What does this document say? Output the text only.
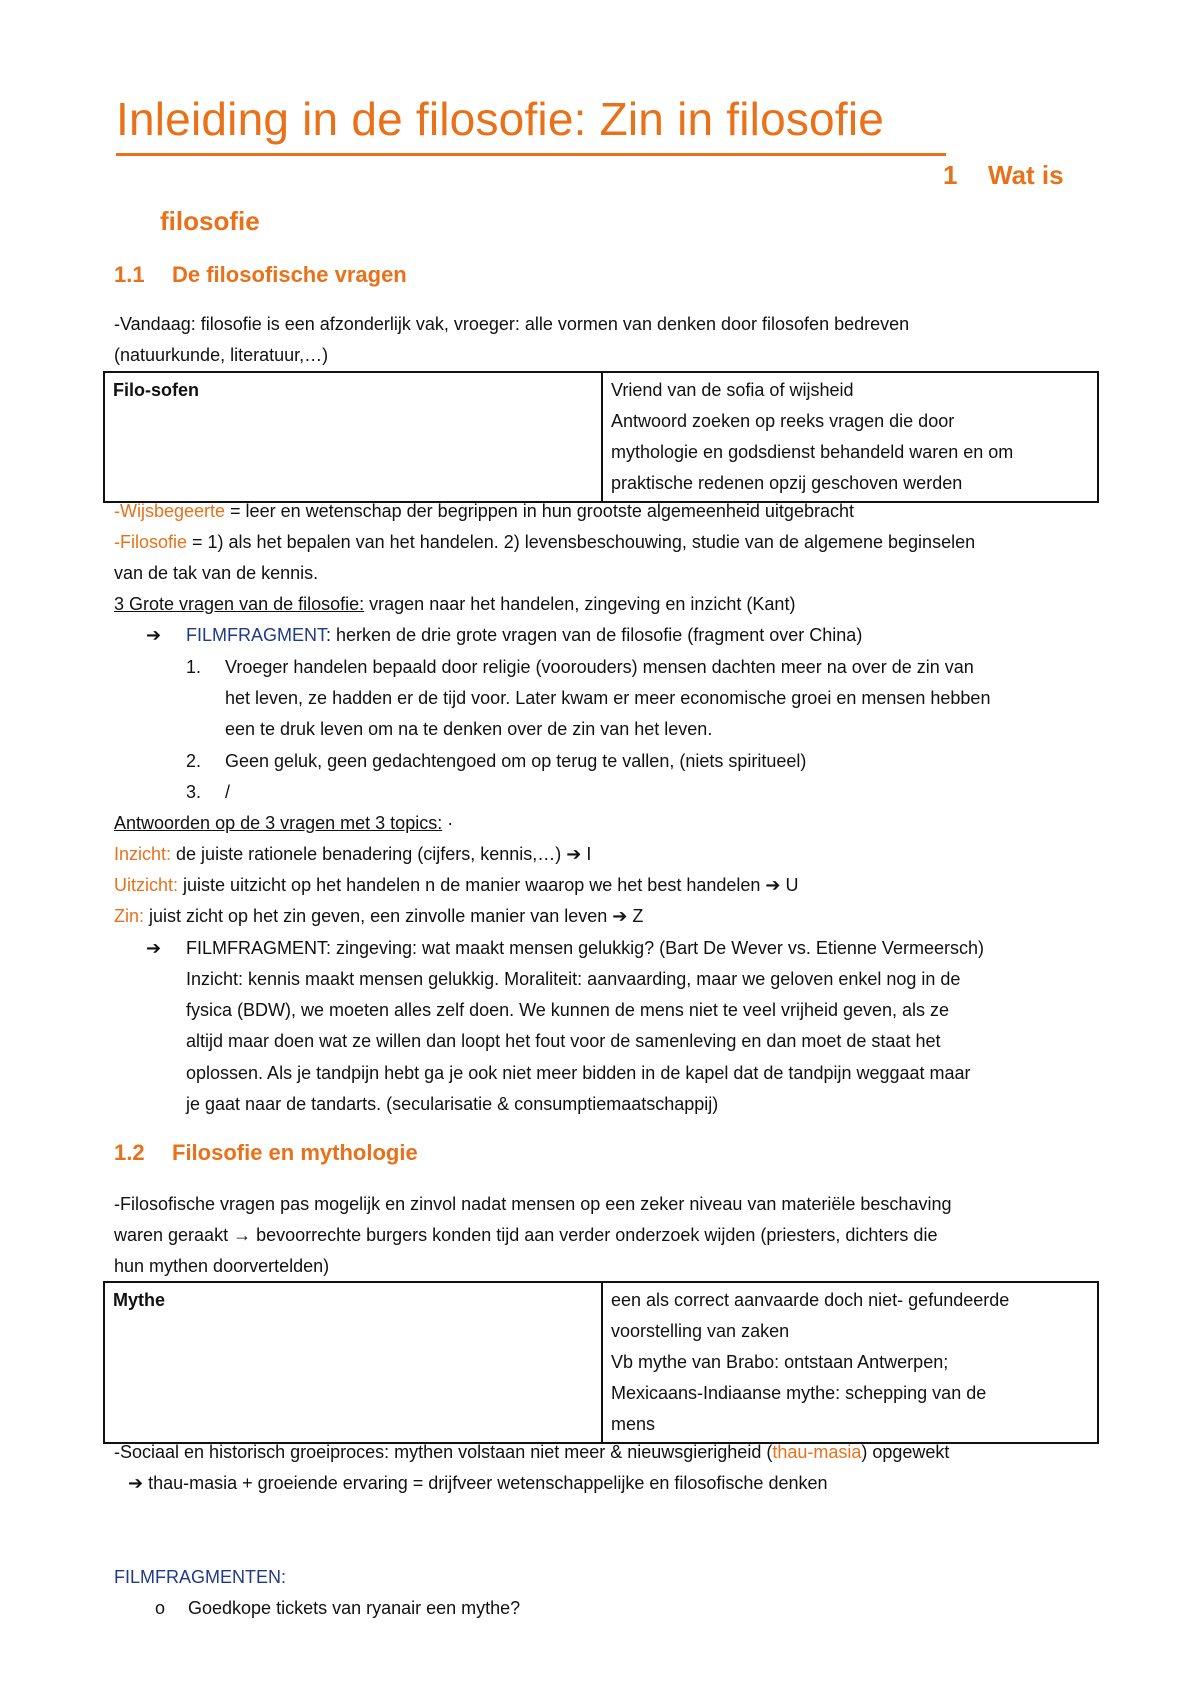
Inleiding in de filosofie: Zin in filosofie
1 Wat is
filosofie
1.1 De filosofische vragen
-Vandaag: filosofie is een afzonderlijk vak, vroeger: alle vormen van denken door filosofen bedreven
(natuurkunde, literatuur,…)
Filo-sofen	Vriend van de sofia of wijsheid
Antwoord zoeken op reeks vragen die door
mythologie en godsdienst behandeld waren en om
praktische redenen opzij geschoven werden
-Wijsbegeerte = leer en wetenschap der begrippen in hun grootste algemeenheid uitgebracht
-Filosofie = 1) als het bepalen van het handelen. 2) levensbeschouwing, studie van de algemene beginselen
van de tak van de kennis.
3 Grote vragen van de filosofie: vragen naar het handelen, zingeving en inzicht (Kant)
➔ FILMFRAGMENT: herken de drie grote vragen van de filosofie (fragment over China)
1. Vroeger handelen bepaald door religie (voorouders) mensen dachten meer na over de zin van
het leven, ze hadden er de tijd voor. Later kwam er meer economische groei en mensen hebben
een te druk leven om na te denken over de zin van het leven.
2. Geen geluk, geen gedachtengoed om op terug te vallen, (niets spiritueel)
3. /
Antwoorden op de 3 vragen met 3 topics: ·
Inzicht: de juiste rationele benadering (cijfers, kennis,…) ➔ I
Uitzicht: juiste uitzicht op het handelen n de manier waarop we het best handelen ➔ U
Zin: juist zicht op het zin geven, een zinvolle manier van leven ➔ Z
➔ FILMFRAGMENT: zingeving: wat maakt mensen gelukkig? (Bart De Wever vs. Etienne Vermeersch)
Inzicht: kennis maakt mensen gelukkig. Moraliteit: aanvaarding, maar we geloven enkel nog in de
fysica (BDW), we moeten alles zelf doen. We kunnen de mens niet te veel vrijheid geven, als ze
altijd maar doen wat ze willen dan loopt het fout voor de samenleving en dan moet de staat het
oplossen. Als je tandpijn hebt ga je ook niet meer bidden in de kapel dat de tandpijn weggaat maar
je gaat naar de tandarts. (secularisatie & consumptiemaatschappij)
1.2 Filosofie en mythologie
-Filosofische vragen pas mogelijk en zinvol nadat mensen op een zeker niveau van materiële beschaving
waren geraakt → bevoorrechte burgers konden tijd aan verder onderzoek wijden (priesters, dichters die
hun mythen doorvertelden)
Mythe	een als correct aanvaarde doch niet- gefundeerde
voorstelling van zaken
Vb mythe van Brabo: ontstaan Antwerpen;
Mexicaans-Indiaanse mythe: schepping van de
mens
-Sociaal en historisch groeiproces: mythen volstaan niet meer & nieuwsgierigheid (thau-masia) opgewekt
➔ thau-masia + groeiende ervaring = drijfveer wetenschappelijke en filosofische denken
FILMFRAGMENTEN:
o Goedkope tickets van ryanair een mythe?
